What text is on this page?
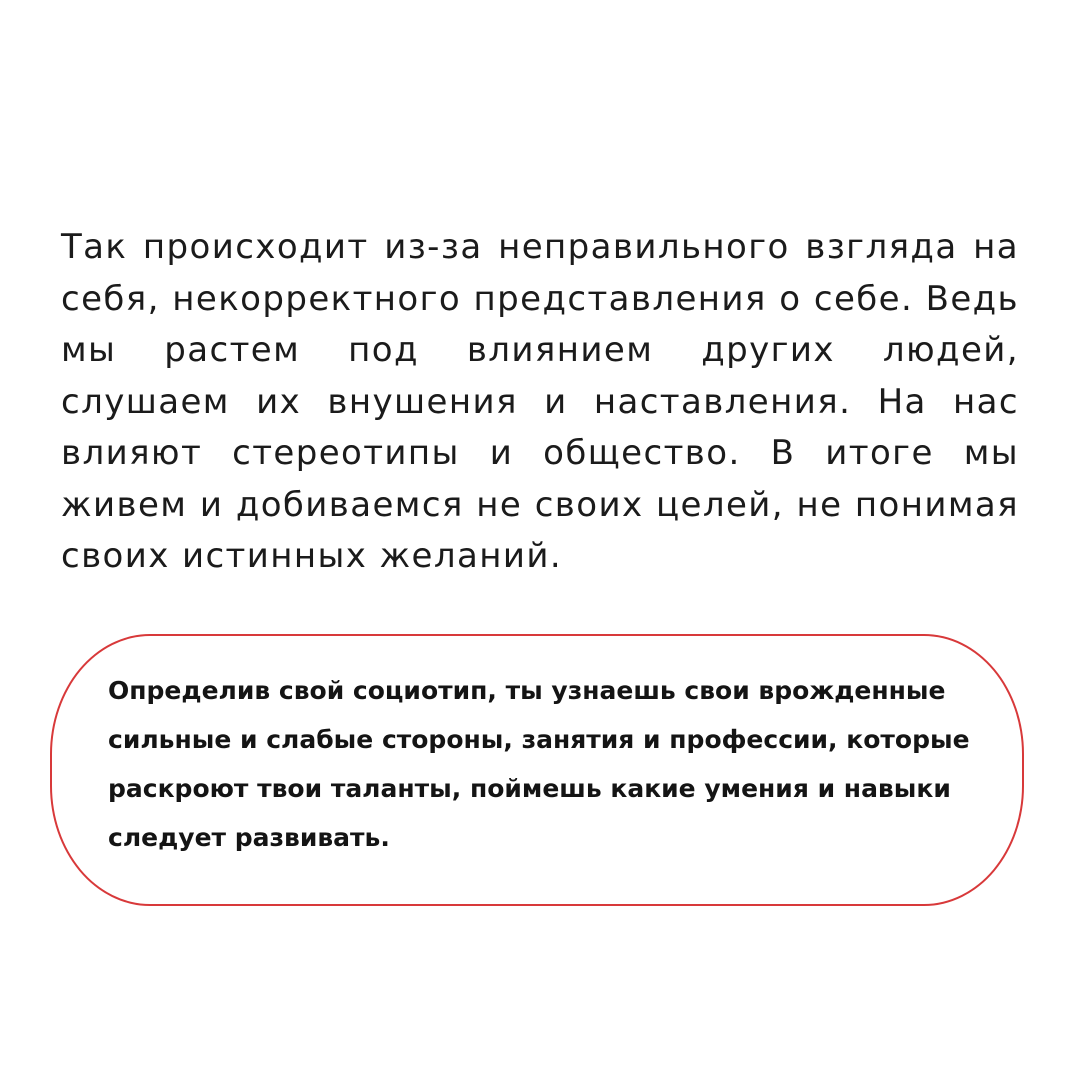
Так происходит из-за неправильного взгляда на себя, некорректного представления о себе. Ведь мы растем под влиянием других людей, слушаем их внушения и наставления. На нас влияют стереотипы и общество. В итоге мы живем и добиваемся не своих целей, не понимая своих истинных желаний.

Определив свой социотип, ты узнаешь свои врожденные сильные и слабые стороны, занятия и профессии, которые раскроют твои таланты, поймешь какие умения и навыки следует развивать.
